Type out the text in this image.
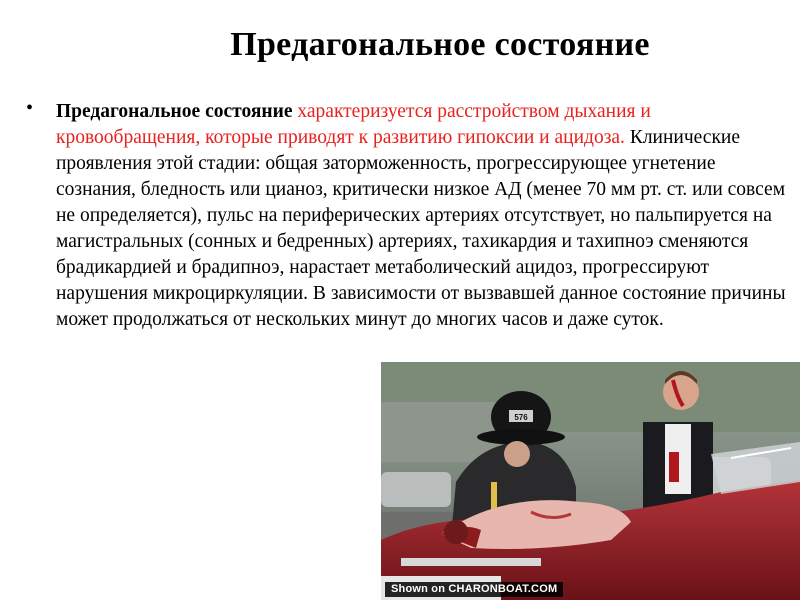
Предагональное состояние
• Предагональное состояние характеризуется расстройством дыхания и кровообращения, которые приводят к развитию гипоксии и ацидоза. Клинические проявления этой стадии: общая заторможенность, прогрессирующее угнетение сознания, бледность или цианоз, критически низкое АД (менее 70 мм рт. ст. или совсем не определяется), пульс на периферических артериях отсутствует, но пальпируется на магистральных (сонных и бедренных) артериях, тахикардия и тахипноэ сменяются брадикардией и брадипноэ, нарастает метаболический ацидоз, прогрессируют нарушения микроциркуляции. В зависимости от вызвавшей данное состояние причины может продолжаться от нескольких минут до многих часов и даже суток.
576
Shown on CHARONBOAT.COM
